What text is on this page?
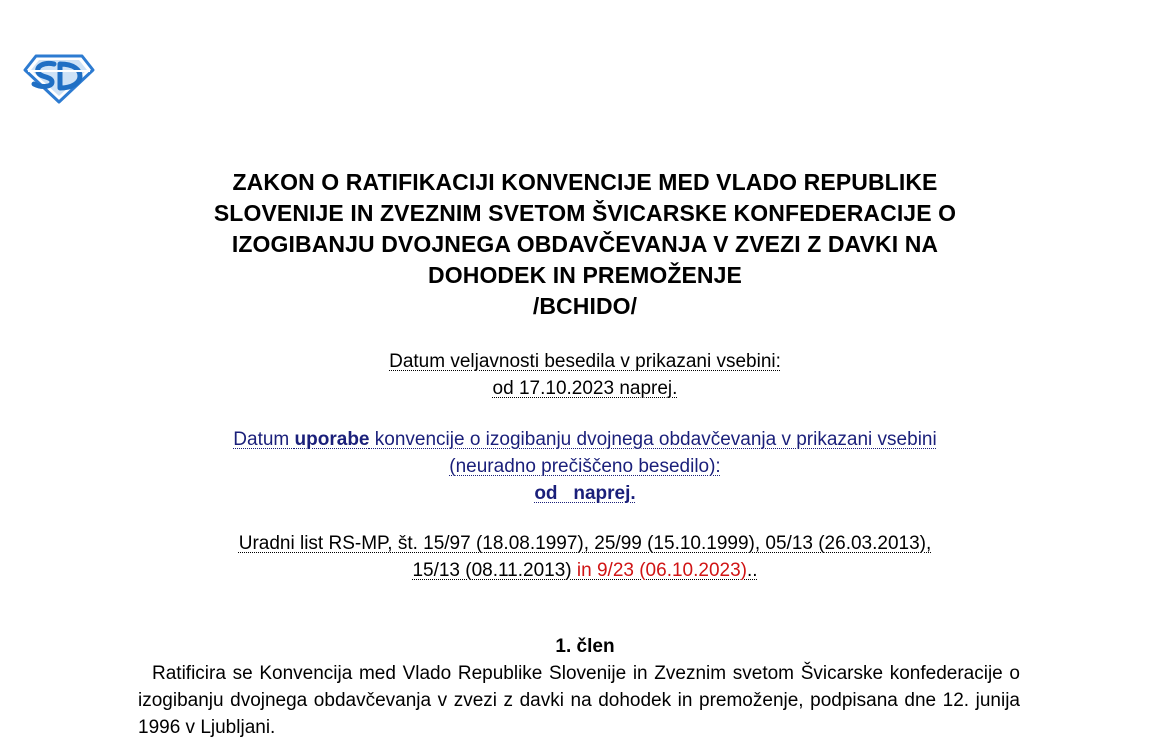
ZAKON O RATIFIKACIJI KONVENCIJE MED VLADO REPUBLIKE
SLOVENIJE IN ZVEZNIM SVETOM ŠVICARSKE KONFEDERACIJE O
IZOGIBANJU DVOJNEGA OBDAVČEVANJA V ZVEZI Z DAVKI NA
DOHODEK IN PREMOŽENJE
/BCHIDO/
Datum veljavnosti besedila v prikazani vsebini:
od 17.10.2023 naprej.
Datum uporabe konvencije o izogibanju dvojnega obdavčevanja v prikazani vsebini
(neuradno prečiščeno besedilo):
od   naprej.
Uradni list RS-MP, št. 15/97 (18.08.1997), 25/99 (15.10.1999), 05/13 (26.03.2013),
15/13 (08.11.2013) in 9/23 (06.10.2023)..
1. člen
Ratificira se Konvencija med Vlado Republike Slovenije in Zveznim svetom Švicarske konfederacije o izogibanju dvojnega obdavčevanja v zvezi z davki na dohodek in premoženje, podpisana dne 12. junija 1996 v Ljubljani.
